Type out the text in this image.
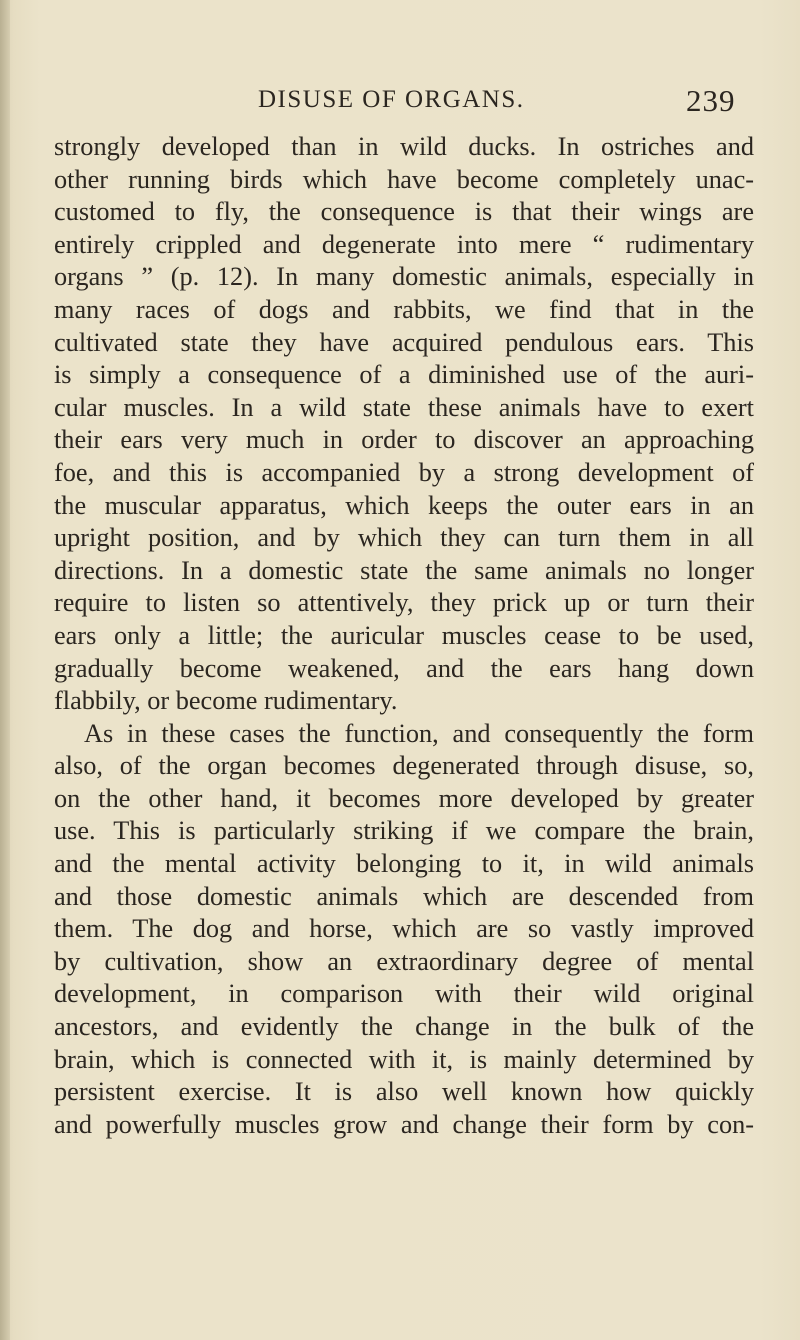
DISUSE OF ORGANS.	239
strongly developed than in wild ducks. In ostriches and
other running birds which have become completely unac-
customed to fly, the consequence is that their wings are
entirely crippled and degenerate into mere “ rudimentary
organs ” (p. 12). In many domestic animals, especially in
many races of dogs and rabbits, we find that in the
cultivated state they have acquired pendulous ears. This
is simply a consequence of a diminished use of the auri-
cular muscles. In a wild state these animals have to exert
their ears very much in order to discover an approaching
foe, and this is accompanied by a strong development of
the muscular apparatus, which keeps the outer ears in an
upright position, and by which they can turn them in all
directions. In a domestic state the same animals no longer
require to listen so attentively, they prick up or turn their
ears only a little; the auricular muscles cease to be used,
gradually become weakened, and the ears hang down
flabbily, or become rudimentary.
As in these cases the function, and consequently the form
also, of the organ becomes degenerated through disuse, so,
on the other hand, it becomes more developed by greater
use. This is particularly striking if we compare the brain,
and the mental activity belonging to it, in wild animals
and those domestic animals which are descended from
them. The dog and horse, which are so vastly improved
by cultivation, show an extraordinary degree of mental
development, in comparison with their wild original
ancestors, and evidently the change in the bulk of the
brain, which is connected with it, is mainly determined by
persistent exercise. It is also well known how quickly
and powerfully muscles grow and change their form by con-
